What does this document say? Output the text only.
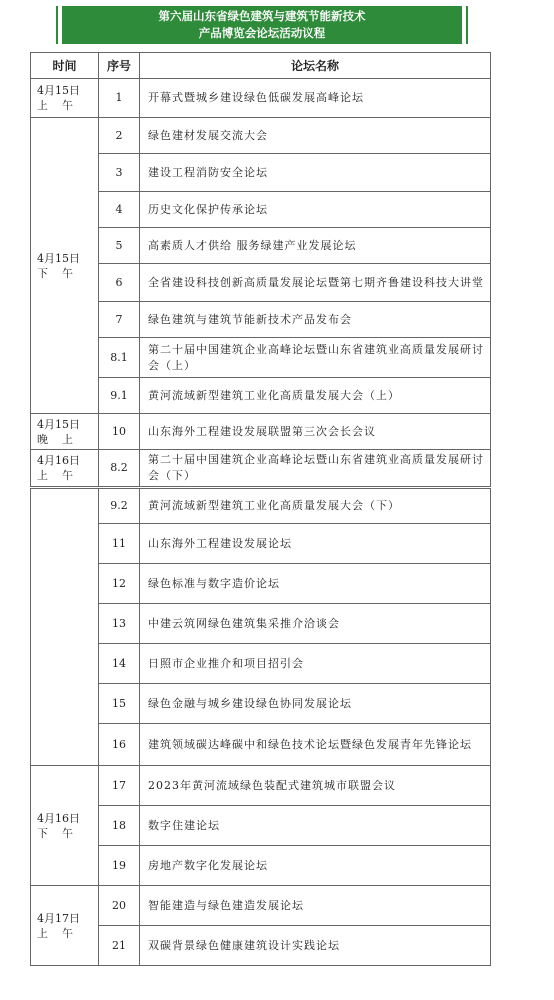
第六届山东省绿色建筑与建筑节能新技术
产品博览会论坛活动议程
时间	序号	论坛名称

4月15日
上    午	1	开幕式暨城乡建设绿色低碳发展高峰论坛

4月15日
下    午	2	绿色建材发展交流大会
	3	建设工程消防安全论坛
	4	历史文化保护传承论坛
	5	高素质人才供给 服务绿建产业发展论坛
	6	全省建设科技创新高质量发展论坛暨第七期齐鲁建设科技大讲堂
	7	绿色建筑与建筑节能新技术产品发布会
	8.1	第二十届中国建筑企业高峰论坛暨山东省建筑业高质量发展研讨会（上）
	9.1	黄河流域新型建筑工业化高质量发展大会（上）

4月15日
晚    上	10	山东海外工程建设发展联盟第三次会长会议

4月16日
上    午	8.2	第二十届中国建筑企业高峰论坛暨山东省建筑业高质量发展研讨会（下）
	9.2	黄河流域新型建筑工业化高质量发展大会（下）
	11	山东海外工程建设发展论坛
	12	绿色标准与数字造价论坛
	13	中建云筑网绿色建筑集采推介洽谈会
	14	日照市企业推介和项目招引会
	15	绿色金融与城乡建设绿色协同发展论坛
	16	建筑领域碳达峰碳中和绿色技术论坛暨绿色发展青年先锋论坛

4月16日
下    午	17	2023年黄河流域绿色装配式建筑城市联盟会议
	18	数字住建论坛
	19	房地产数字化发展论坛

4月17日
上    午	20	智能建造与绿色建造发展论坛
	21	双碳背景绿色健康建筑设计实践论坛
